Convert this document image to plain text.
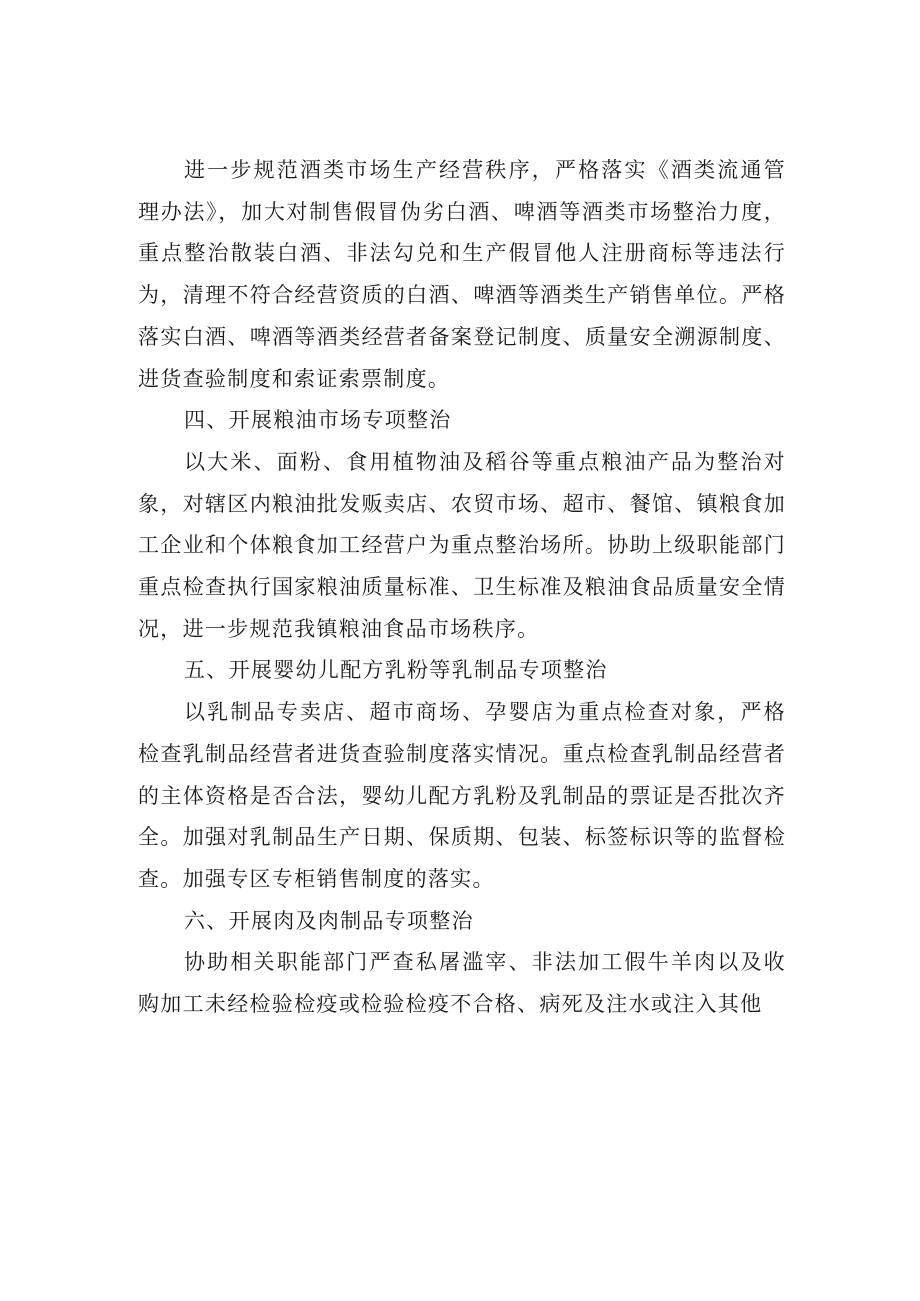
进一步规范酒类市场生产经营秩序，严格落实《酒类流通管理办法》，加大对制售假冒伪劣白酒、啤酒等酒类市场整治力度，重点整治散装白酒、非法勾兑和生产假冒他人注册商标等违法行为，清理不符合经营资质的白酒、啤酒等酒类生产销售单位。严格落实白酒、啤酒等酒类经营者备案登记制度、质量安全溯源制度、进货查验制度和索证索票制度。

四、开展粮油市场专项整治

以大米、面粉、食用植物油及稻谷等重点粮油产品为整治对象，对辖区内粮油批发贩卖店、农贸市场、超市、餐馆、镇粮食加工企业和个体粮食加工经营户为重点整治场所。协助上级职能部门重点检查执行国家粮油质量标准、卫生标准及粮油食品质量安全情况，进一步规范我镇粮油食品市场秩序。

五、开展婴幼儿配方乳粉等乳制品专项整治

以乳制品专卖店、超市商场、孕婴店为重点检查对象，严格检查乳制品经营者进货查验制度落实情况。重点检查乳制品经营者的主体资格是否合法，婴幼儿配方乳粉及乳制品的票证是否批次齐全。加强对乳制品生产日期、保质期、包装、标签标识等的监督检查。加强专区专柜销售制度的落实。

六、开展肉及肉制品专项整治

协助相关职能部门严查私屠滥宰、非法加工假牛羊肉以及收购加工未经检验检疫或检验检疫不合格、病死及注水或注入其他
